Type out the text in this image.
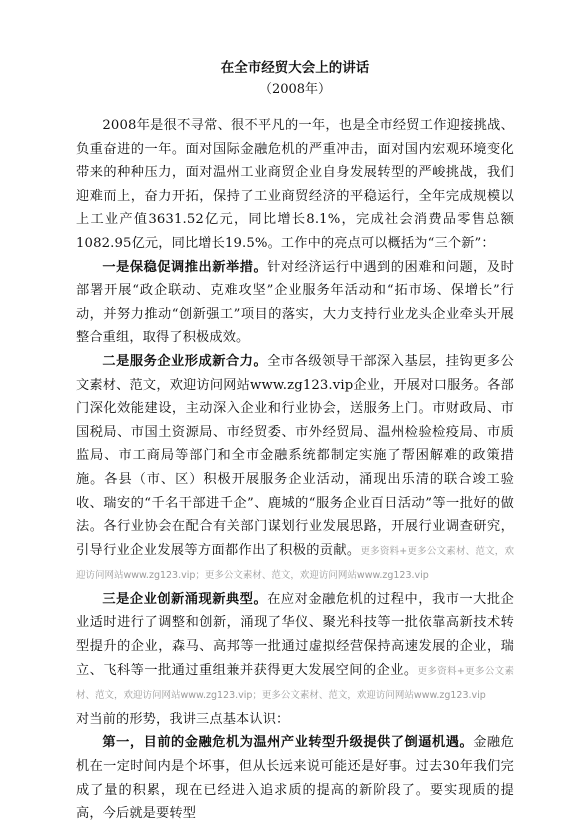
在全市经贸大会上的讲话

（2008年）

2008年是很不寻常、很不平凡的一年，也是全市经贸工作迎接挑战、负重奋进的一年。面对国际金融危机的严重冲击，面对国内宏观环境变化带来的种种压力，面对温州工业商贸企业自身发展转型的严峻挑战，我们迎难而上，奋力开拓，保持了工业商贸经济的平稳运行，全年完成规模以上工业产值3631.52亿元，同比增长8.1%，完成社会消费品零售总额1082.95亿元，同比增长19.5%。工作中的亮点可以概括为“三个新”：

一是保稳促调推出新举措。针对经济运行中遇到的困难和问题，及时部署开展“政企联动、克难攻坚”企业服务年活动和“拓市场、保增长”行动，并努力推动“创新强工”项目的落实，大力支持行业龙头企业牵头开展整合重组，取得了积极成效。

二是服务企业形成新合力。全市各级领导干部深入基层，挂钩更多公文素材、范文，欢迎访问网站www.zg123.vip企业，开展对口服务。各部门深化效能建设，主动深入企业和行业协会，送服务上门。市财政局、市国税局、市国土资源局、市经贸委、市外经贸局、温州检验检疫局、市质监局、市工商局等部门和全市金融系统都制定实施了帮困解难的政策措施。各县（市、区）积极开展服务企业活动，涌现出乐清的联合竣工验收、瑞安的“千名干部进千企”、鹿城的“服务企业百日活动”等一批好的做法。各行业协会在配合有关部门谋划行业发展思路，开展行业调查研究，引导行业企业发展等方面都作出了积极的贡献。更多资料+更多公文素材、范文，欢迎访问网站www.zg123.vip；更多公文素材、范文，欢迎访问网站www.zg123.vip

三是企业创新涌现新典型。在应对金融危机的过程中，我市一大批企业适时进行了调整和创新，涌现了华仪、聚光科技等一批依靠高新技术转型提升的企业，森马、高邦等一批通过虚拟经营保持高速发展的企业，瑞立、飞科等一批通过重组兼并获得更大发展空间的企业。更多资料+更多公文素材、范文，欢迎访问网站www.zg123.vip；更多公文素材、范文，欢迎访问网站www.zg123.vip

对当前的形势，我讲三点基本认识：

第一，目前的金融危机为温州产业转型升级提供了倒逼机遇。金融危机在一定时间内是个坏事，但从长远来说可能还是好事。过去30年我们完成了量的积累，现在已经进入追求质的提高的新阶段了。要实现质的提高，今后就是要转型
